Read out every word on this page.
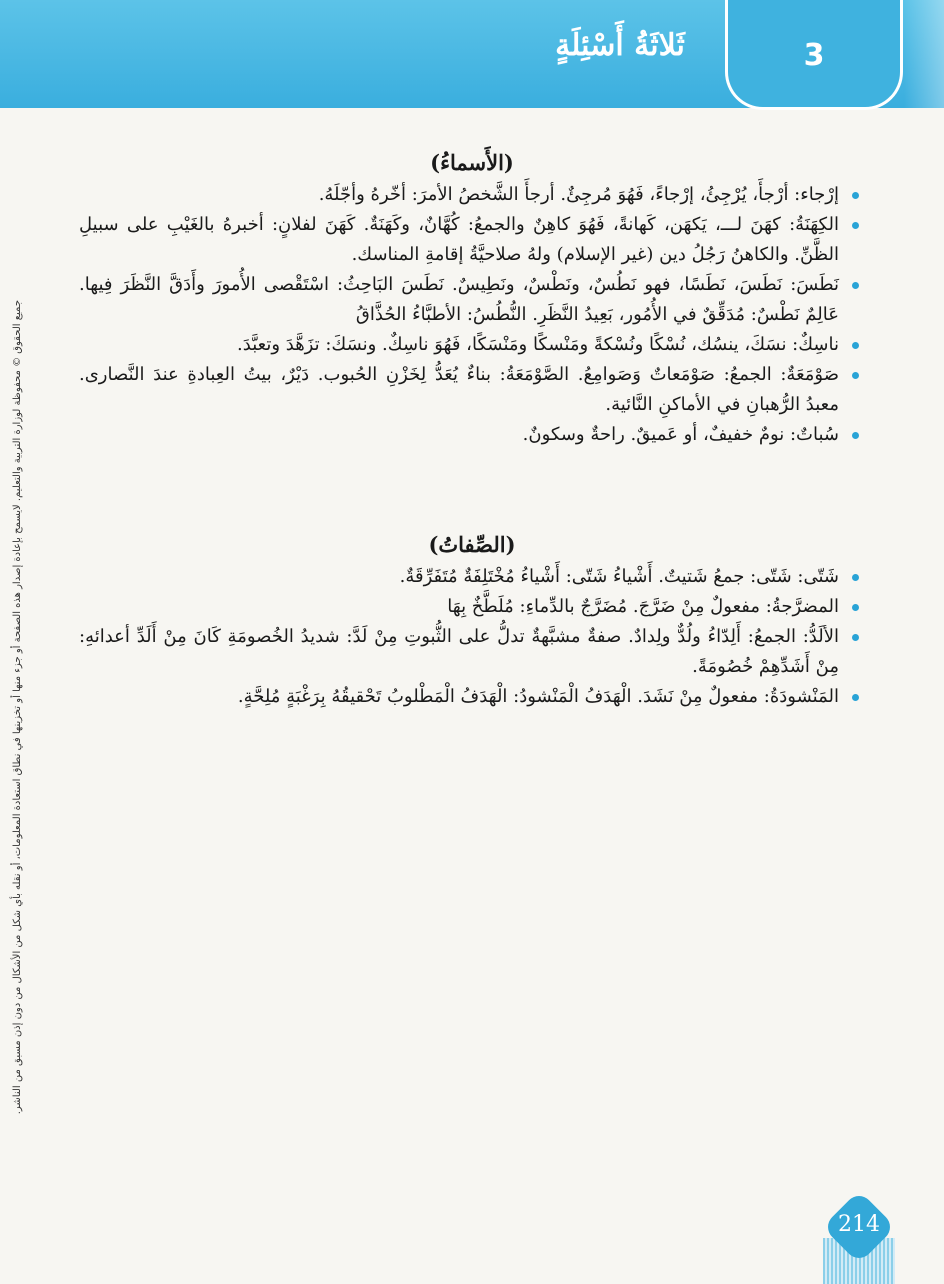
3
ثَلاثَةُ أَسْئِلَةٍ
جميع الحقوق © محفوظة لوزارة التربية والتعليم. لايسمح بإعادة إصدار هذه الصفحة أو جزء منها أو تخزينها في نطاق استعادة المعلومات، أو نقله بأي شكل من الأشكال من دون إذن مسبق من الناشر.
(الأَسماءُ)
إرْجاء: أرْجأَ، يُرْجِئُ، إرْجاءً، فَهُوَ مُرجِئٌ. أرجأَ الشَّخصُ الأمرَ: أخّرهُ وأجّلَهُ.
الكِهَنَةُ: كهَنَ لـــ، يَكهَن، كَهانةً، فَهُوَ كاهِنٌ والجمعُ: كُهَّانٌ، وكَهَنَةٌ. كَهَنَ لفلانٍ: أخبرهُ بالغَيْبِ على سبيلِ الظَّنِّ. والكاهنُ رَجُلُ دين (غير الإسلام) ولهُ صلاحيَّةُ إقامةِ المناسك.
نَطَسَ: نَطَسَ، نَطَسًا، فهو نَطُسٌ، ونَطْسٌ، ونَطِيسٌ. نَطَسَ البَاحِثُ: اسْتَقْصى الأُمورَ وأَدَقَّ النَّظَرَ فِيها. عَالِمٌ نَطْسٌ: مُدَقِّقٌ في الأُمُور، بَعِيدُ النَّظَرِ. النُّطُسُ: الأطبَّاءُ الحُذَّاقُ
ناسِكٌ: نسَكَ، ينسُك، نُسْكًا ونُسْكةً ومَنْسكًا ومَنْسَكًا، فَهُوَ ناسِكٌ. ونسَكَ: تزَهَّدَ وتعبَّدَ.
صَوْمَعَةٌ: الجمعُ: صَوْمَعاتٌ وَصَوامِعُ. الصَّوْمَعَةُ: بناءٌ يُعَدُّ لِخَزْنِ الحُبوب. دَيْرٌ، بيتُ العِبادةِ عندَ النَّصارى. معبدُ الرُّهبانِ في الأماكنِ النَّائية.
سُباتٌ: نومٌ خفيفٌ، أو عَميقٌ. راحةٌ وسكونٌ.
(الصِّفاتُ)
شَتّى: شَتّى: جمعُ شَتيتٌ. أَشْياءُ شَتّى: أَشْياءُ مُخْتَلِفَةٌ مُتَفَرِّقَةٌ.
المضرَّجةُ: مفعولٌ مِنْ ضَرَّجَ. مُضَرَّجٌ بالدِّماءِ: مُلَطَّخٌ بِهَا
الألَدُّ: الجمعُ: أَلِدّاءُ ولُدٌّ ولِدادٌ. صفةٌ مشبَّهةٌ تدلُّ على الثُّبوتِ مِنْ لَدَّ: شديدُ الخُصومَةِ كَانَ مِنْ أَلَدِّ أعدائهِ: مِنْ أَشَدِّهِمْ خُصُومَةً.
المَنْشودَةُ: مفعولٌ مِنْ نَشَدَ. الْهَدَفُ الْمَنْشودُ: الْهَدَفُ الْمَطْلوبُ تَحْقيقُهُ بِرَغْبَةٍ مُلِحَّةٍ.
214
